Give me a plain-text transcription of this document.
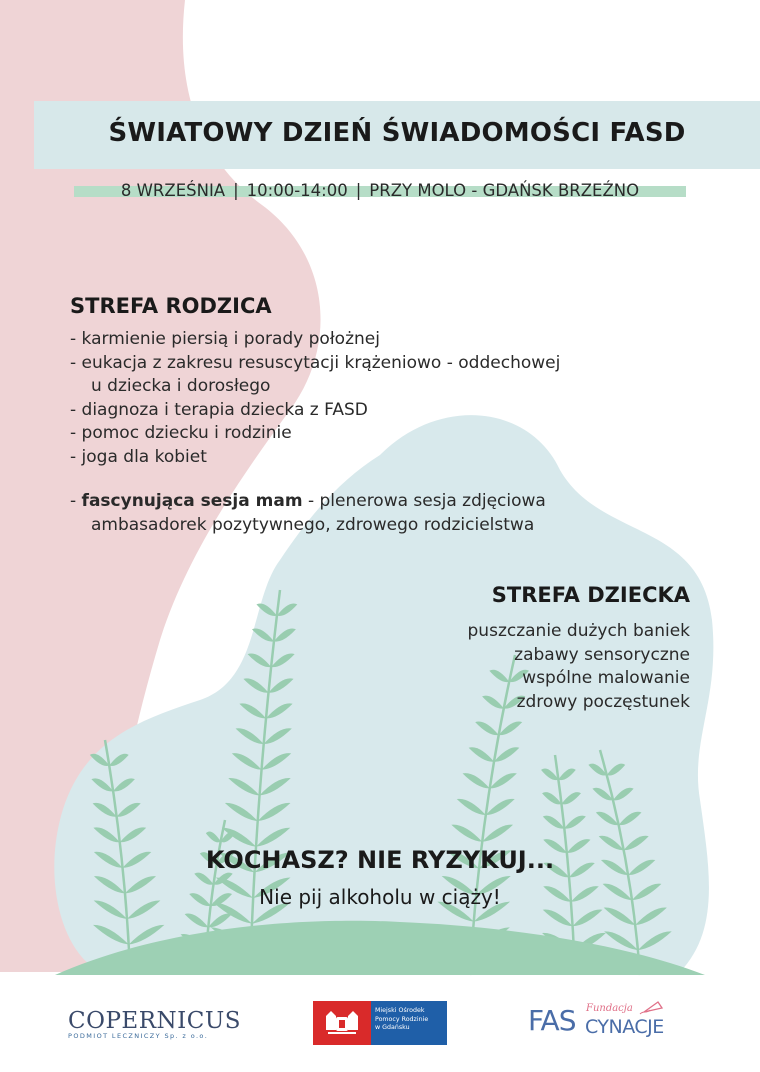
ŚWIATOWY DZIEŃ ŚWIADOMOŚCI FASD
8 WRZEŚNIA | 10:00-14:00 | PRZY MOLO - GDAŃSK BRZEŹNO
STREFA RODZICA
- karmienie piersią i porady położnej
- eukacja z zakresu resuscytacji krążeniowo - oddechowej
u dziecka i dorosłego
- diagnoza i terapia dziecka z FASD
- pomoc dziecku i rodzinie
- joga dla kobiet
- fascynująca sesja mam - plenerowa sesja zdjęciowa
ambasadorek pozytywnego, zdrowego rodzicielstwa
STREFA DZIECKA
puszczanie dużych baniek
zabawy sensoryczne
wspólne malowanie
zdrowy poczęstunek

KOCHASZ? NIE RYZYKUJ...

Nie pij alkoholu w ciąży!

COPERNICUS
PODMIOT LECZNICZY Sp. z o.o.
Miejski Ośrodek
Pomocy Rodzinie
w Gdańsku	FAS Fundacja
CYNACJE
